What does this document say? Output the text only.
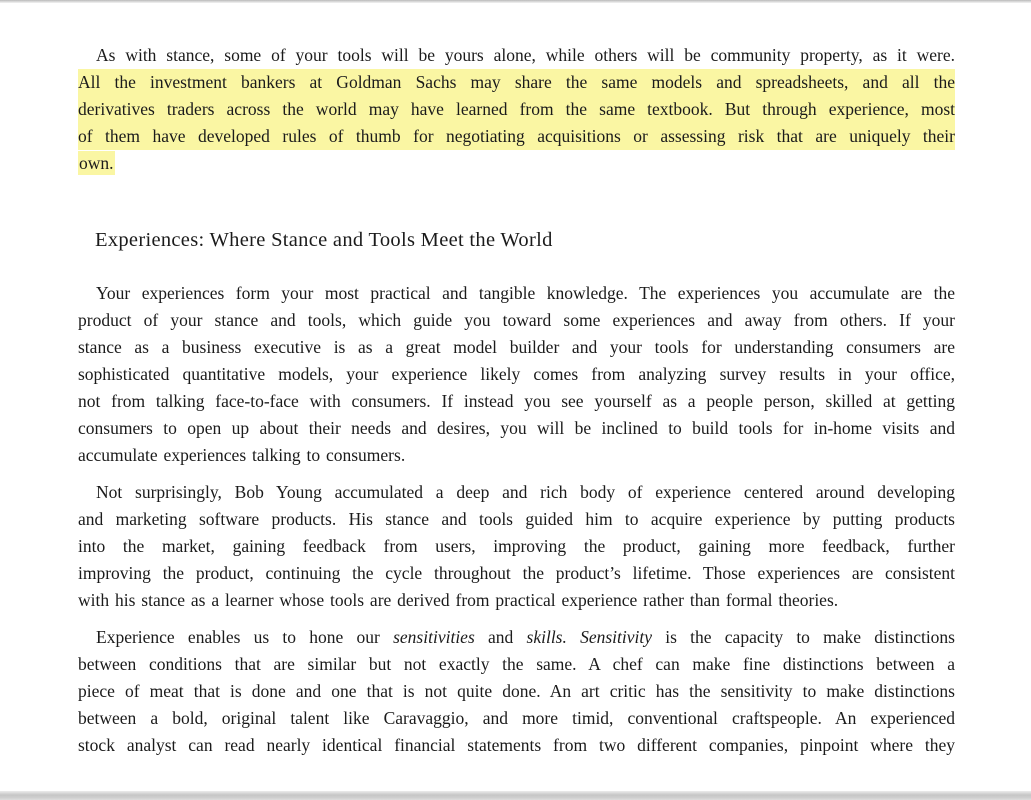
As with stance, some of your tools will be yours alone, while others will be community property, as it were.
All the investment bankers at Goldman Sachs may share the same models and spreadsheets, and all the
derivatives traders across the world may have learned from the same textbook. But through experience, most
of them have developed rules of thumb for negotiating acquisitions or assessing risk that are uniquely their
own.
Experiences: Where Stance and Tools Meet the World
Your experiences form your most practical and tangible knowledge. The experiences you accumulate are the
product of your stance and tools, which guide you toward some experiences and away from others. If your
stance as a business executive is as a great model builder and your tools for understanding consumers are
sophisticated quantitative models, your experience likely comes from analyzing survey results in your office,
not from talking face-to-face with consumers. If instead you see yourself as a people person, skilled at getting
consumers to open up about their needs and desires, you will be inclined to build tools for in-home visits and
accumulate experiences talking to consumers.
Not surprisingly, Bob Young accumulated a deep and rich body of experience centered around developing
and marketing software products. His stance and tools guided him to acquire experience by putting products
into the market, gaining feedback from users, improving the product, gaining more feedback, further
improving the product, continuing the cycle throughout the product’s lifetime. Those experiences are consistent
with his stance as a learner whose tools are derived from practical experience rather than formal theories.
Experience enables us to hone our sensitivities and skills. Sensitivity is the capacity to make distinctions
between conditions that are similar but not exactly the same. A chef can make fine distinctions between a
piece of meat that is done and one that is not quite done. An art critic has the sensitivity to make distinctions
between a bold, original talent like Caravaggio, and more timid, conventional craftspeople. An experienced
stock analyst can read nearly identical financial statements from two different companies, pinpoint where they
